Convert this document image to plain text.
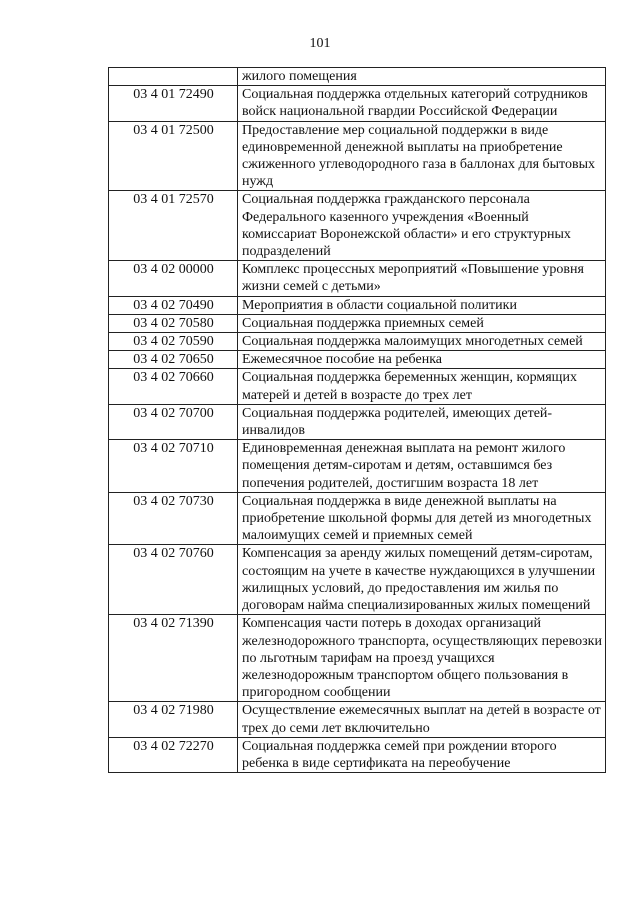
101
	жилого помещения
03 4 01 72490	Социальная поддержка отдельных категорий сотрудников войск национальной гвардии Российской Федерации
03 4 01 72500	Предоставление мер социальной поддержки в виде единовременной денежной выплаты на приобретение сжиженного углеводородного газа в баллонах для бытовых нужд
03 4 01 72570	Социальная поддержка гражданского персонала Федерального казенного учреждения «Военный комиссариат Воронежской области» и его структурных подразделений
03 4 02 00000	Комплекс процессных мероприятий «Повышение уровня жизни семей с детьми»
03 4 02 70490	Мероприятия в области социальной политики
03 4 02 70580	Социальная поддержка приемных семей
03 4 02 70590	Социальная поддержка малоимущих многодетных семей
03 4 02 70650	Ежемесячное пособие на ребенка
03 4 02 70660	Социальная поддержка беременных женщин, кормящих матерей и детей в возрасте до трех лет
03 4 02 70700	Социальная поддержка родителей, имеющих детей-инвалидов
03 4 02 70710	Единовременная денежная выплата на ремонт жилого помещения детям-сиротам и детям, оставшимся без попечения родителей, достигшим возраста 18 лет
03 4 02 70730	Социальная поддержка в виде денежной выплаты на приобретение школьной формы для детей из многодетных малоимущих семей и приемных семей
03 4 02 70760	Компенсация за аренду жилых помещений детям-сиротам, состоящим на учете в качестве нуждающихся в улучшении жилищных условий, до предоставления им жилья по договорам найма специализированных жилых помещений
03 4 02 71390	Компенсация части потерь в доходах организаций железнодорожного транспорта, осуществляющих перевозки по льготным тарифам на проезд учащихся железнодорожным транспортом общего пользования в пригородном сообщении
03 4 02 71980	Осуществление ежемесячных выплат на детей в возрасте от трех до семи лет включительно
03 4 02 72270	Социальная поддержка семей при рождении второго ребенка в виде сертификата на переобучение
